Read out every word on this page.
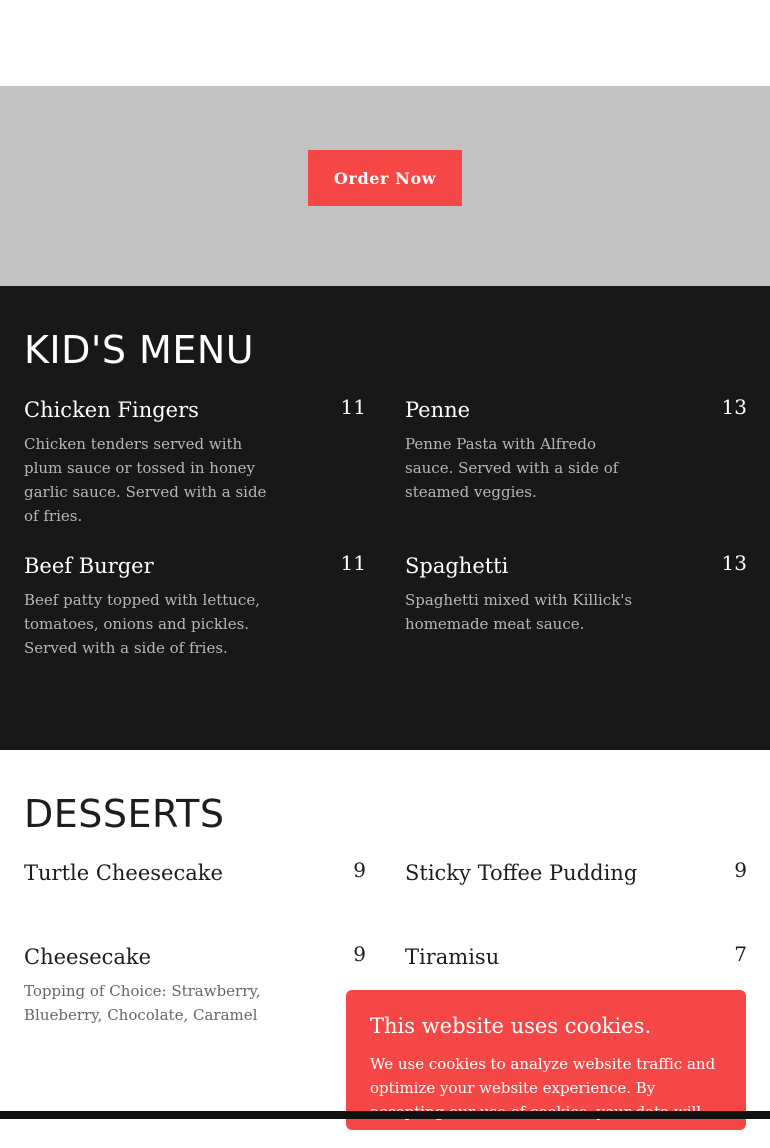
Order Now
KID'S MENU
Chicken Fingers	11
Chicken tenders served with plum sauce or tossed in honey garlic sauce. Served with a side of fries.
Penne	13
Penne Pasta with Alfredo sauce. Served with a side of steamed veggies.
Beef Burger	11
Beef patty topped with lettuce, tomatoes, onions and pickles. Served with a side of fries.
Spaghetti	13
Spaghetti mixed with Killick's homemade meat sauce.
DESSERTS
Turtle Cheesecake	9 Sticky Toffee Pudding	9
Cheesecake	9
Topping of Choice: Strawberry, Blueberry, Chocolate, Caramel
Tiramisu	7
This website uses cookies.
We use cookies to analyze website traffic and optimize your website experience. By be aggregated with all
